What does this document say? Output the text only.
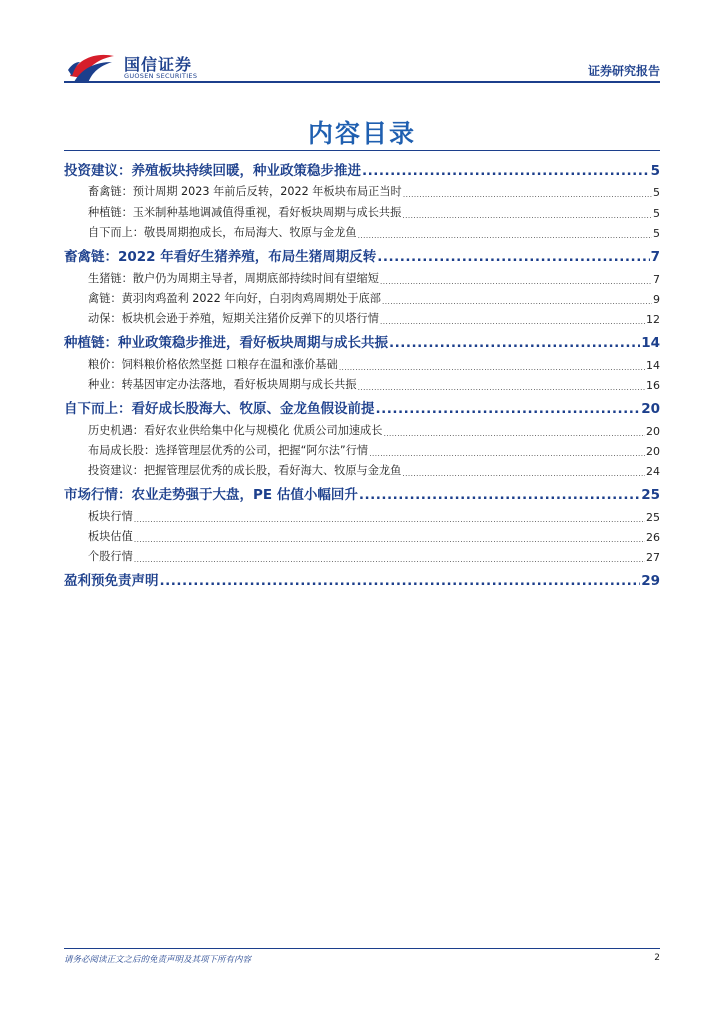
国信证券
GUOSEN SECURITIES	证券研究报告
内容目录
投资建议：养殖板块持续回暖，种业政策稳步推进 .....	5
畜禽链：预计周期 2023 年前后反转，2022 年板块布局正当时 .....	5
种植链：玉米制种基地调减值得重视，看好板块周期与成长共振 .....	5
自下而上：敬畏周期抱成长，布局海大、牧原与金龙鱼 .....	5
畜禽链：2022 年看好生猪养殖，布局生猪周期反转 .....	7
生猪链：散户仍为周期主导者，周期底部持续时间有望缩短 .....	7
禽链：黄羽肉鸡盈利 2022 年向好，白羽肉鸡周期处于底部 .....	9
动保：板块机会逊于养殖，短期关注猪价反弹下的贝塔行情 .....	12
种植链：种业政策稳步推进，看好板块周期与成长共振 .....	14
粮价：饲料粮价格依然坚挺 口粮存在温和涨价基础 .....	14
种业：转基因审定办法落地，看好板块周期与成长共振 .....	16
自下而上：看好成长股海大、牧原、金龙鱼假设前提 .....	20
历史机遇：看好农业供给集中化与规模化 优质公司加速成长 .....	20
布局成长股：选择管理层优秀的公司，把握“阿尔法”行情 .....	20
投资建议：把握管理层优秀的成长股，看好海大、牧原与金龙鱼 .....	24
市场行情：农业走势强于大盘，PE 估值小幅回升 .....	25
板块行情 .....	25
板块估值 .....	26
个股行情 .....	27
盈利预免责声明 .....	29
请务必阅读正文之后的免责声明及其项下所有内容	2
